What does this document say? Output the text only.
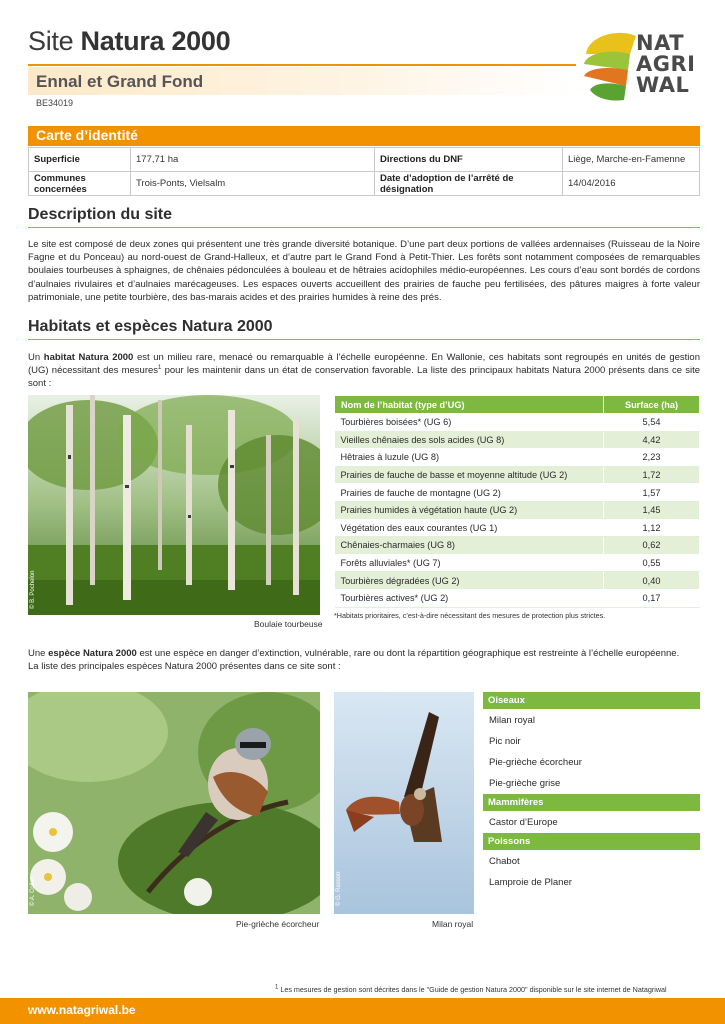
Site Natura 2000
Ennal et Grand Fond
BE34019
NAT
AGRI
WAL
Carte d’identité
Superficie	177,71 ha	Directions du DNF	Liège, Marche-en-Famenne
Communes concernées	Trois-Ponts, Vielsalm	Date d’adoption de l’arrêté de désignation	14/04/2016
Description du site
Le site est composé de deux zones qui présentent une très grande diversité botanique. D’une part deux portions de vallées ardennaises (Ruisseau de la Noire Fagne et du Ponceau) au nord-ouest de Grand-Halleux, et d’autre part le Grand Fond à Petit-Thier. Les forêts sont notamment composées de remarquables boulaies tourbeuses à sphaignes, de chênaies pédonculées à bouleau et de hêtraies acidophiles médio-européennes. Les cours d’eau sont bordés de cordons d’aulnaies rivulaires et d’aulnaies marécageuses. Les espaces ouverts accueillent des prairies de fauche peu fertilisées, des pâtures maigres à forte valeur patrimoniale, une petite tourbière, des bas-marais acides et des prairies humides à reine des prés.
Habitats et espèces Natura 2000
Un habitat Natura 2000 est un milieu rare, menacé ou remarquable à l’échelle européenne. En Wallonie, ces habitats sont regroupés en unités de gestion (UG) nécessitant des mesures$^1$ pour les maintenir dans un état de conservation favorable. La liste des principaux habitats Natura 2000 présents dans ce site sont :
© B. Pochelon
Boulaie tourbeuse
Nom de l’habitat (type d’UG)	Surface (ha)
Tourbières boisées* (UG 6)	5,54
Vieilles chênaies des sols acides (UG 8)	4,42
Hêtraies à luzule (UG 8)	2,23
Prairies de fauche de basse et moyenne altitude (UG 2)	1,72
Prairies de fauche de montagne (UG 2)	1,57
Prairies humides à végétation haute (UG 2)	1,45
Végétation des eaux courantes (UG 1)	1,12
Chênaies-charmaies (UG 8)	0,62
Forêts alluviales* (UG 7)	0,55
Tourbières dégradées (UG 2)	0,40
Tourbières actives* (UG 2)	0,17
*Habitats prioritaires, c’est-à-dire nécessitant des mesures de protection plus strictes.
Une espèce Natura 2000 est une espèce en danger d’extinction, vulnérable, rare ou dont la répartition géographique est restreinte à l’échelle européenne.
La liste des principales espèces Natura 2000 présentes dans ce site sont :
© A. Collet
Pie-grièche écorcheur
© G. Rasson
Milan royal
Oiseaux
Milan royal
Pic noir
Pie-grièche écorcheur
Pie-grièche grise
Mammifères
Castor d’Europe
Poissons
Chabot
Lamproie de Planer
$^1$ Les mesures de gestion sont décrites dans le "Guide de gestion Natura 2000" disponible sur le site internet de Natagriwal
www.natagriwal.be
